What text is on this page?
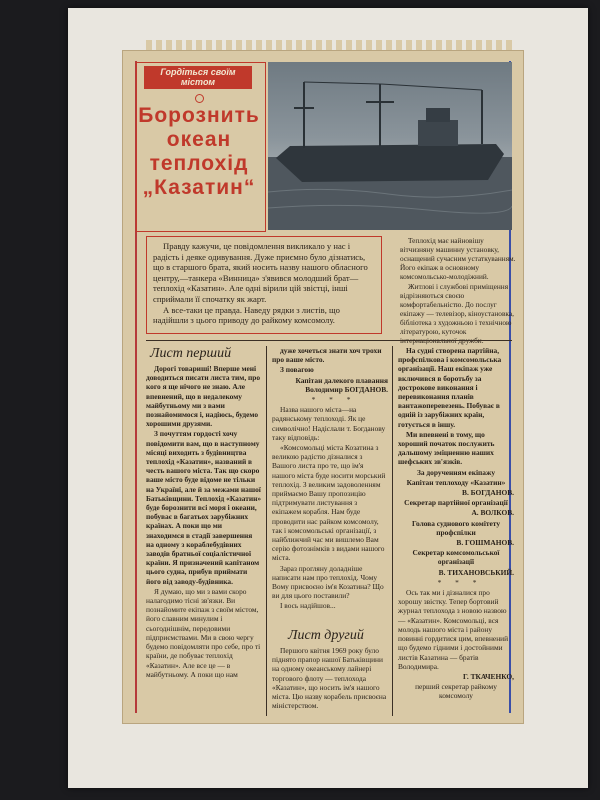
Гордіться своїм
містом
Борознить
океан
теплохід
„Казатин“

Правду кажучи, це повідомлення викликало у нас і радість і деяке одивування. Дуже приємно було дізнатись, що в старшого брата, який носить назву нашого обласного центру,—танкера «Винница» з'явився молодший брат—теплохід «Казатин». Але одні вірили цій звістці, інші сприймали її спочатку як жарт.

А все-таки це правда. Наведу рядки з листів, що надійшли з цього приводу до райкому комсомолу.

Теплохід має найновішу вітчизняну машинну установку, оснащений сучасним устаткуванням. Його екіпаж в основному комсомольсько-молодіжний.

Житлові і службові приміщення відрізняються своєю комфортабельністю. До послуг екіпажу — телевізор, кіноустановка, бібліотека з художньою і технічною літературою, куточок

Лист перший

Дорогі товариші! Вперше мені доводиться писати листа тим, про кого я ще нічого не знаю. Але впевнений, що в недалекому майбутньому ми з вами познайомимося і, надіюсь, будемо хорошими друзями.

З почуттям гордості хочу повідомити вам, що в наступному місяці виходить з будівництва теплохід «Казатин», названий в честь вашого міста. Так що скоро ваше місто буде відоме не тільки на Україні, але й за межами нашої Батьківщини. Теплохід «Казатин» буде борознити всі моря і океани, побуває в багатьох зарубіжних країнах. А поки що ми знаходимся в стадії завершення на одному з кораблебудівних заводів братньої соціалістичної країни. Я призначений капітаном цього судна, прибув приймати його від заводу-будівника.

Я думаю, що ми з вами скоро налагодимо тісні зв'язки. Ви познайомите екіпаж з своїм містом, його славним минулим і сьогоднішнім, передовими підприємствами. Ми в свою чергу будемо повідомляти про себе, про ті країни, де побуває теплохід «Казатин». Але все це — в майбутньому. А поки що нам

дуже хочеться знати хоч трохи про ваше місто.

З повагою

Капітан далекого плавання Володимир БОГДАНОВ.

* * *

Назва нашого міста—на радянському теплоході. Як це символічно! Надіслали т. Богданову таку відповідь:

«Комсомольці міста Козатина з великою радістю дізналися з Вашого листа про те, що ім'я нашого міста буде носити морський теплохід. З великим задоволенням приймаємо Вашу пропозицію підтримувати листування з екіпажем корабля. Нам буде проводити нас райком комсомолу, так і комсомольські організації, з найближчий час ми вишлемо Вам серію фотознімків з видами нашого міста.

Зараз прогляну доладніше написати нам про теплохід. Чому Вому присвоєно ім'я Козатина? Що ви для цього поставили?

І вось надійшов...

Лист другий

Першого квітня 1969 року було піднято прапор нашої Батьківщини на одному океанському лайнері торгового флоту — теплохода «Казатин», що носить ім'я нашого міста. Цю назву корабель присвоєна міністерством.

На судні створена партійна, профспілкова і комсомольська організації. Наш екіпаж уже включився в боротьбу за дострокове виконання і перевиконання планів вантажоперевезень. Побуває в одній із зарубіжних країн, готується в іншу.

Ми впевнені в тому, що хороший початок послужить дальшому зміцненню наших шефських зв'язків.

За дорученням екіпажу

Капітан теплоходу «Казатин»

В. БОГДАНОВ.

Секретар партійної організації

А. ВОЛКОВ.

Голова суднового комітету профспілки

В. ГОШМАНОВ.

Секретар комсомольської організації

В. ТИХАНОВСЬКИЙ.

* * *

Ось так ми і дізналися про хорошу звістку. Тепер бортовий журнал теплохода з новою назвою — «Казатин». Комсомольці, вся молодь нашого міста і району повинні гордитися цим, впевнений що будемо гідними і достойними листів Казатина — братів Володимира.

Г. ТКАЧЕНКО,

перший секретар райкому комсомолу
